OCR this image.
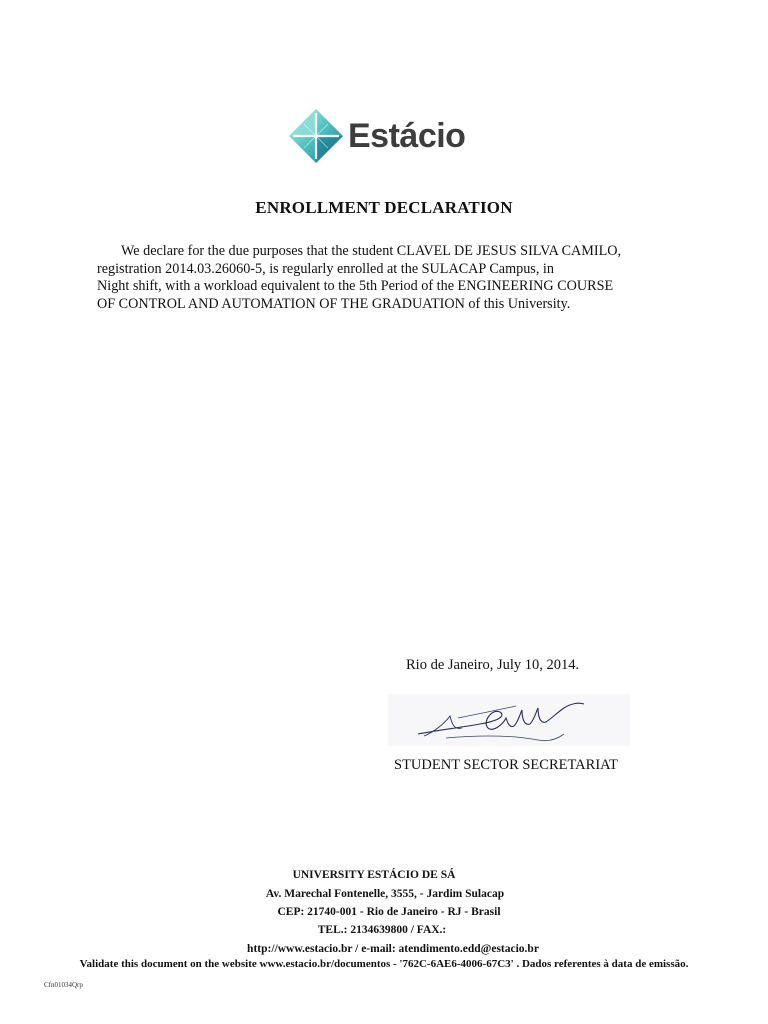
Estácio
ENROLLMENT DECLARATION
We declare for the due purposes that the student CLAVEL DE JESUS SILVA CAMILO,
registration 2014.03.26060-5, is regularly enrolled at the SULACAP Campus, in
Night shift, with a workload equivalent to the 5th Period of the ENGINEERING COURSE
OF CONTROL AND AUTOMATION OF THE GRADUATION of this University.
Rio de Janeiro, July 10, 2014.
STUDENT SECTOR SECRETARIAT
UNIVERSITY ESTÁCIO DE SÁ
Av. Marechal Fontenelle, 3555, - Jardim Sulacap
CEP: 21740-001 - Rio de Janeiro - RJ - Brasil
TEL.: 2134639800 / FAX.:
http://www.estacio.br / e-mail: atendimento.edd@estacio.br
Validate this document on the website www.estacio.br/documentos - '762C-6AE6-4006-67C3' . Dados referentes à data de emissão.
Cfn01034Qrp
